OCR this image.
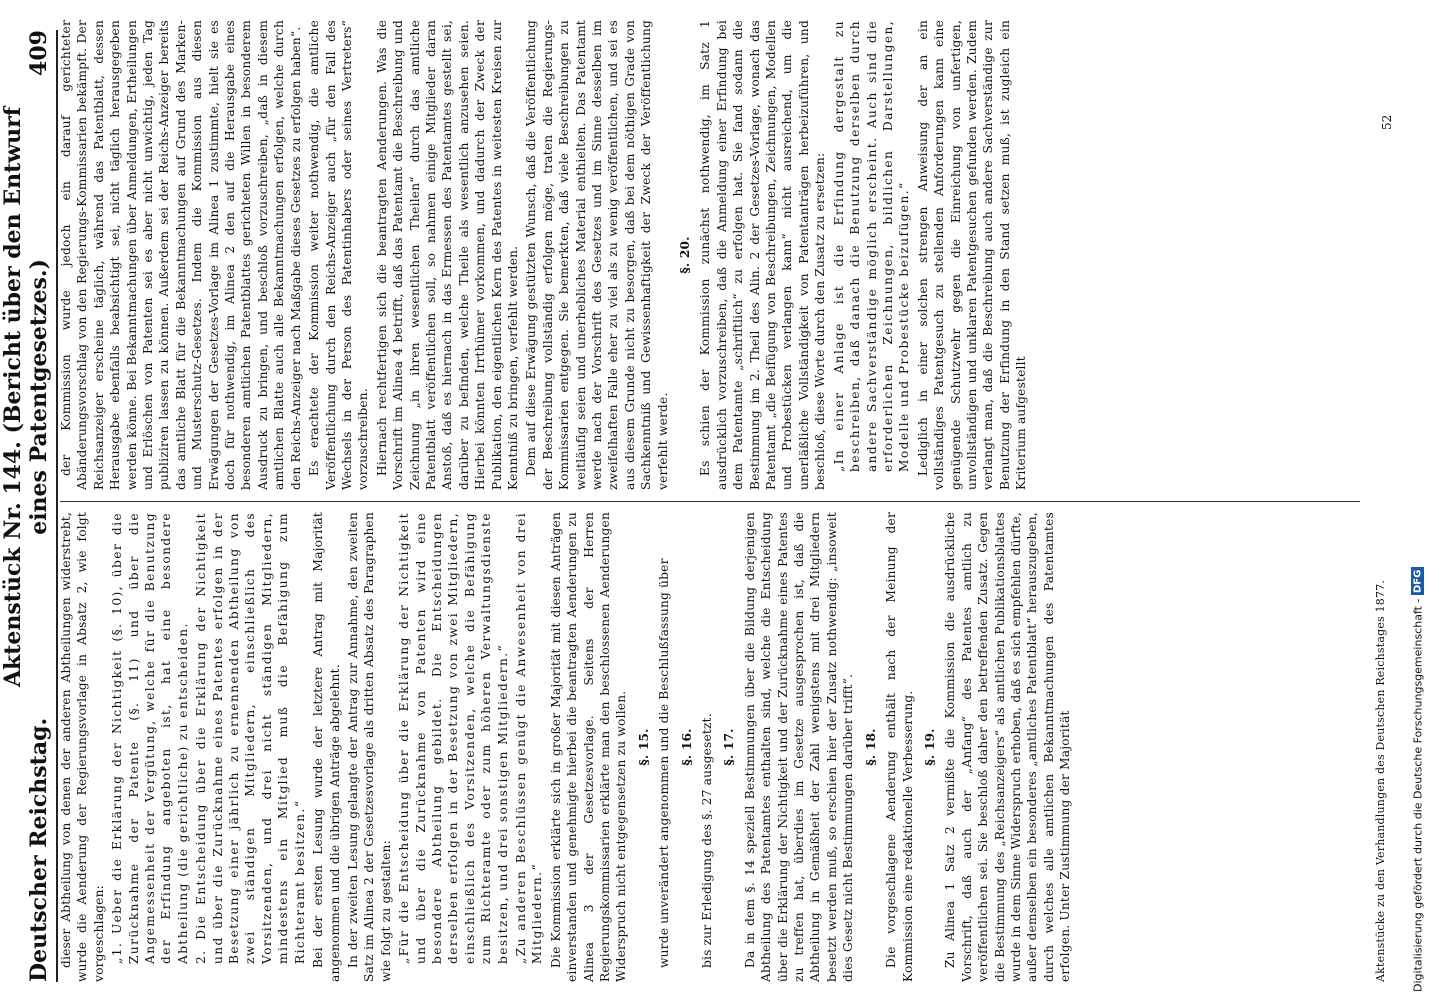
Deutscher Reichstag.
Aktenstück Nr. 144. (Bericht über den Entwurf eines Patentgesetzes.)
409

dieser Abtheilung von denen der anderen Abtheilungen widerstrebt, wurde die Aenderung der Regierungsvorlage in Absatz 2, wie folgt vorgeschlagen: „1. Ueber die Erklärung der Nichtigkeit (§. 10), über die Zurücknahme der Patente (§. 11) und über die Angemessenheit der Vergütung, welche für die Benutzung der Erfindung angeboten ist, hat eine besondere Abtheilung (die gerichtliche) zu entscheiden. 2. Die Entscheidung über die Erklärung der Nichtigkeit und über die Zurücknahme eines Patentes erfolgen in der Besetzung einer jährlich zu ernennenden Abtheilung von zwei ständigen Mitgliedern, einschließlich des Vorsitzenden, und drei nicht ständigen Mitgliedern, mindestens ein Mitglied muß die Befähigung zum Richteramt besitzen.“ Bei der ersten Lesung wurde der letztere Antrag mit Majorität angenommen und die übrigen Anträge abgelehnt. In der zweiten Lesung gelangte der Antrag zur Annahme, den zweiten Satz im Alinea 2 der Gesetzesvorlage als dritten Absatz des Paragraphen wie folgt zu gestalten: „Für die Entscheidung über die Erklärung der Nichtigkeit und über die Zurücknahme von Patenten wird eine besondere Abtheilung gebildet. Die Entscheidungen derselben erfolgen in der Besetzung von zwei Mitgliedern, einschließlich des Vorsitzenden, welche die Befähigung zum Richteramte oder zum höheren Verwaltungsdienste besitzen, und drei sonstigen Mitgliedern.“ „Zu anderen Beschlüssen genügt die Anwesenheit von drei Mitgliedern.“ Die Kommission erklärte sich in großer Majorität mit diesen Anträgen einverstanden und genehmigte hierbei die beantragten Aenderungen zu Alinea 3 der Gesetzesvorlage. Seitens der Herren Regierungskommissarien erklärte man den beschlossenen Aenderungen Widerspruch nicht entgegensetzen zu wollen. §. 15. wurde unverändert angenommen und die Beschlußfassung über §. 16. bis zur Erledigung des §. 27 ausgesetzt. §. 17. Da in dem §. 14 speziell Bestimmungen über die Bildung derjenigen Abtheilung des Patentamtes enthalten sind, welche die Entscheidung über die Erklärung der Nichtigkeit und der Zurücknahme eines Patentes zu treffen hat, überdies im Gesetze ausgesprochen ist, daß die Abtheilung in Gemäßheit der Zahl wenigstens mit drei Mitgliedern besetzt werden muß, so erschien hier der Zusatz nothwendig: „insoweit dies Gesetz nicht Bestimmungen darüber trifft“. §. 18. Die vorgeschlagene Aenderung enthält nach der Meinung der Kommission eine redaktionelle Verbesserung. §. 19. Zu Alinea 1 Satz 2 vermißte die Kommission die ausdrückliche Vorschrift, daß auch der „Anfang“ des Patentes amtlich zu veröffentlichen sei. Sie beschloß daher den betreffenden Zusatz. Gegen die Bestimmung des „Reichsanzeigers“ als amtlichen Publikationsblattes wurde in dem Sinne Widerspruch erhoben, daß es sich empfehlen dürfte, außer demselben ein besonderes „amtliches Patentblatt“ herauszugeben, durch welches alle amtlichen Bekanntmachungen des Patentamtes erfolgen. Unter Zustimmung der Majorität

der Kommission wurde jedoch ein darauf gerichteter Abänderungsvorschlag von den Regierungs-Kommissarien bekämpft. Der Reichsanzeiger erscheine täglich, während das Patentblatt, dessen Herausgabe ebenfalls beabsichtigt sei, nicht täglich herausgegeben werden könne. Bei Bekanntmachungen über Anmeldungen, Ertheilungen und Erlöschen von Patenten sei es aber nicht unwichtig, jeden Tag publiziren lassen zu können. Außerdem sei der Reichs-Anzeiger bereits das amtliche Blatt für die Bekanntmachungen auf Grund des Marken- und Musterschutz-Gesetzes. Indem die Kommission aus diesen Erwägungen der Gesetzes-Vorlage im Alinea 1 zustimmte, hielt sie es doch für nothwendig, im Alinea 2 den auf die Herausgabe eines besonderen amtlichen Patentblattes gerichteten Willen in besonderem Ausdruck zu bringen, und beschloß vorzuschreiben, „daß in diesem amtlichen Blatte auch alle Bekanntmachungen erfolgen, welche durch den Reichs-Anzeiger nach Maßgabe dieses Gesetzes zu erfolgen haben“. Es erachtete der Kommission weiter nothwendig, die amtliche Veröffentlichung durch den Reichs-Anzeiger auch „für den Fall des Wechsels in der Person des Patentinhabers oder seines Vertreters“ vorzuschreiben. Hiernach rechtfertigen sich die beantragten Aenderungen. Was die Vorschrift im Alinea 4 betrifft, daß das Patentamt die Beschreibung und Zeichnung „in ihren wesentlichen Theilen“ durch das amtliche Patentblatt veröffentlichen soll, so nahmen einige Mitglieder daran Anstoß, daß es hiernach in das Ermessen des Patentamtes gestellt sei, darüber zu befinden, welche Theile als wesentlich anzusehen seien. Hierbei könnten Irrthümer vorkommen, und dadurch der Zweck der Publikation, den eigentlichen Kern des Patentes in weitesten Kreisen zur Kenntniß zu bringen, verfehlt werden. Dem auf diese Erwägung gestützten Wunsch, daß die Veröffentlichung der Beschreibung vollständig erfolgen möge, traten die Regierungs-Kommissarien entgegen. Sie bemerkten, daß viele Beschreibungen zu weitläufig seien und unerhebliches Material enthielten. Das Patentamt werde nach der Vorschrift des Gesetzes und im Sinne desselben im zweifelhaften Falle eher zu viel als zu wenig veröffentlichen, und sei es aus diesem Grunde nicht zu besorgen, daß bei dem nöthigen Grade von Sachkenntniß und Gewissenhaftigkeit der Zweck der Veröffentlichung verfehlt werde.

§. 20. Es schien der Kommission zunächst nothwendig, im Satz 1 ausdrücklich vorzuschreiben, daß die Anmeldung einer Erfindung bei dem Patentamte „schriftlich“ zu erfolgen hat. Sie fand sodann die Bestimmung im 2. Theil des Alin. 2 der Gesetzes-Vorlage, wonach das Patentamt „die Beifügung von Beschreibungen, Zeichnungen, Modellen und Probestücken verlangen kann“ nicht ausreichend, um die unerläßliche Vollständigkeit von Patentanträgen herbeizuführen, und beschloß, diese Worte durch den Zusatz zu ersetzen: „In einer Anlage ist die Erfindung dergestalt zu beschreiben, daß danach die Benutzung derselben durch andere Sachverständige möglich erscheint. Auch sind die erforderlichen Zeichnungen, bildlichen Darstellungen, Modelle und Probestücke beizufügen.“ Lediglich in einer solchen strengen Anweisung der an ein vollständiges Patentgesuch zu stellenden Anforderungen kann eine genügende Schutzwehr gegen die Einreichung von unfertigen, unvollständigen und unklaren Patentgesuchen gefunden werden. Zudem verlangt man, daß die Beschreibung auch andere Sachverständige zur Benutzung der Erfindung in den Stand setzen muß, ist zugleich ein Kriterium aufgestellt

Aktenstücke zu den Verhandlungen des Deutschen Reichstages 1877.
52
Digitalisierung gefördert durch die Deutsche Forschungsgemeinschaft -
DFG
